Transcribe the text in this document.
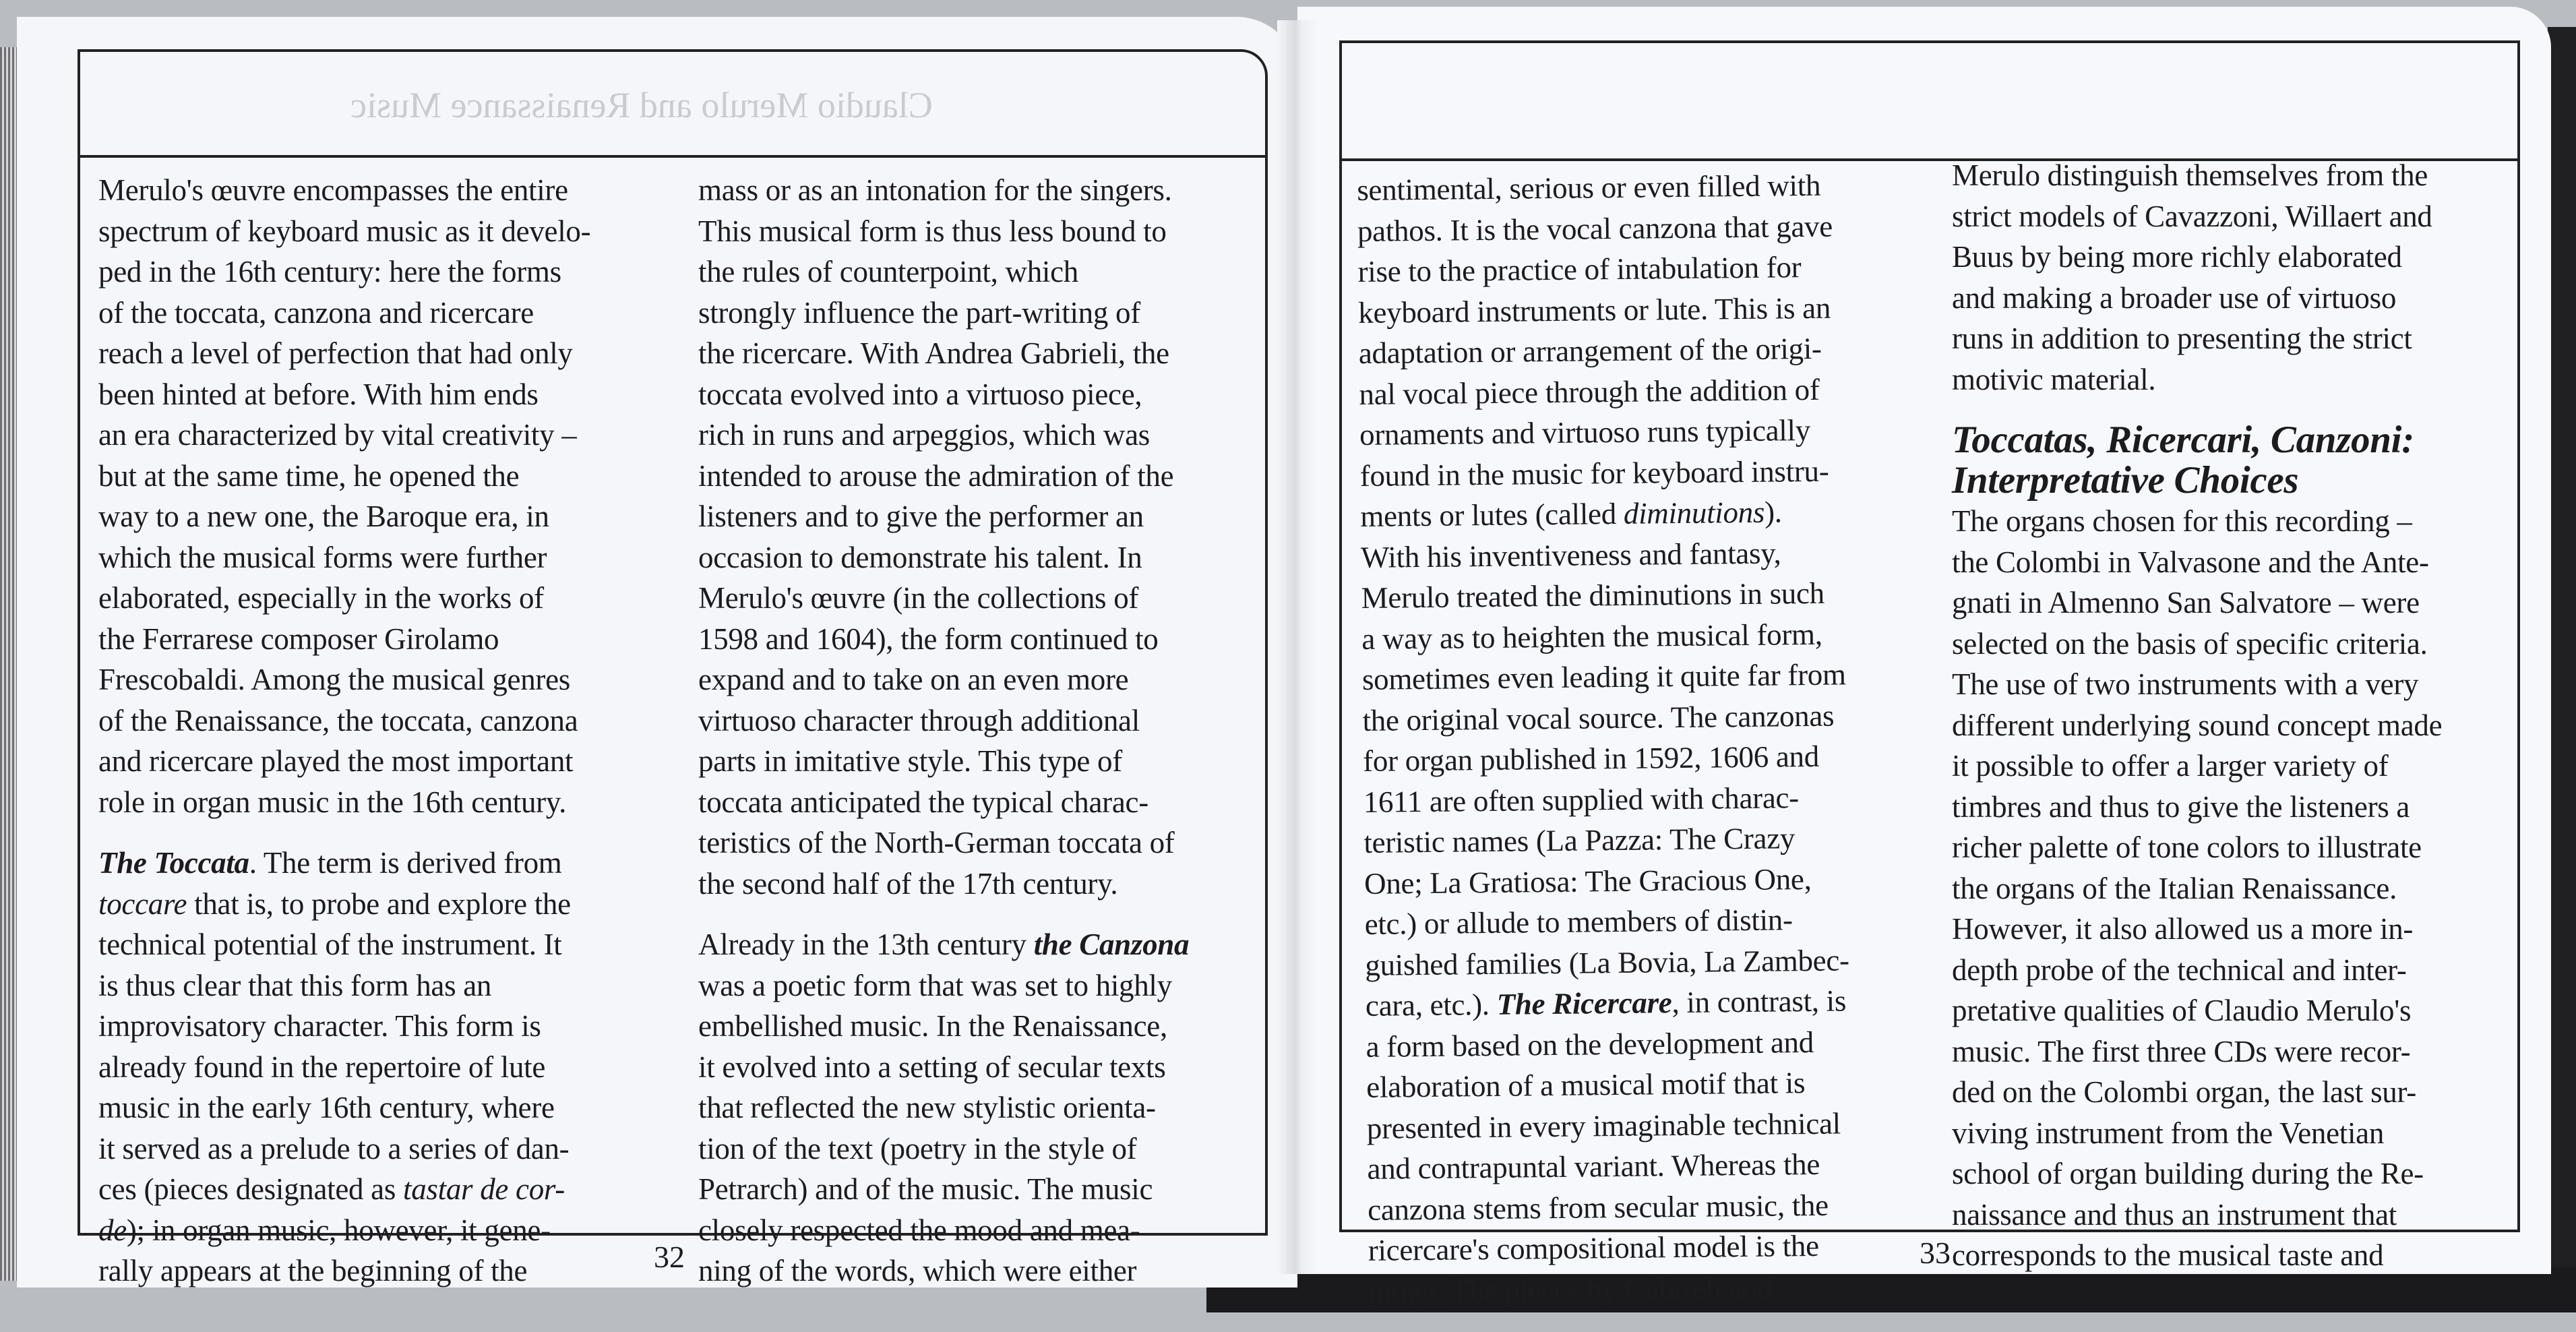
Claudio Merulo and Renaissance Music
Merulo's œuvre encompasses the entire
spectrum of keyboard music as it develo-
ped in the 16th century: here the forms
of the toccata, canzona and ricercare
reach a level of perfection that had only
been hinted at before. With him ends
an era characterized by vital creativity –
but at the same time, he opened the
way to a new one, the Baroque era, in
which the musical forms were further
elaborated, especially in the works of
the Ferrarese composer Girolamo
Frescobaldi. Among the musical genres
of the Renaissance, the toccata, canzona
and ricercare played the most important
role in organ music in the 16th century.
The Toccata. The term is derived from
toccare that is, to probe and explore the
technical potential of the instrument. It
is thus clear that this form has an
improvisatory character. This form is
already found in the repertoire of lute
music in the early 16th century, where
it served as a prelude to a series of dan-
ces (pieces designated as tastar de cor-
de); in organ music, however, it gene-
rally appears at the beginning of the
mass or as an intonation for the singers.
This musical form is thus less bound to
the rules of counterpoint, which
strongly influence the part-writing of
the ricercare. With Andrea Gabrieli, the
toccata evolved into a virtuoso piece,
rich in runs and arpeggios, which was
intended to arouse the admiration of the
listeners and to give the performer an
occasion to demonstrate his talent. In
Merulo's œuvre (in the collections of
1598 and 1604), the form continued to
expand and to take on an even more
virtuoso character through additional
parts in imitative style. This type of
toccata anticipated the typical charac-
teristics of the North-German toccata of
the second half of the 17th century.
Already in the 13th century the Canzona
was a poetic form that was set to highly
embellished music. In the Renaissance,
it evolved into a setting of secular texts
that reflected the new stylistic orienta-
tion of the text (poetry in the style of
Petrarch) and of the music. The music
closely respected the mood and mea-
ning of the words, which were either
sentimental, serious or even filled with
pathos. It is the vocal canzona that gave
rise to the practice of intabulation for
keyboard instruments or lute. This is an
adaptation or arrangement of the origi-
nal vocal piece through the addition of
ornaments and virtuoso runs typically
found in the music for keyboard instru-
ments or lutes (called diminutions).
With his inventiveness and fantasy,
Merulo treated the diminutions in such
a way as to heighten the musical form,
sometimes even leading it quite far from
the original vocal source. The canzonas
for organ published in 1592, 1606 and
1611 are often supplied with charac-
teristic names (La Pazza: The Crazy
One; La Gratiosa: The Gracious One,
etc.) or allude to members of distin-
guished families (La Bovia, La Zambec-
cara, etc.). The Ricercare, in contrast, is
a form based on the development and
elaboration of a musical motif that is
presented in every imaginable technical
and contrapuntal variant. Whereas the
canzona stems from secular music, the
ricercare's compositional model is the
motet. The pieces by Gabrieli and
Merulo distinguish themselves from the
strict models of Cavazzoni, Willaert and
Buus by being more richly elaborated
and making a broader use of virtuoso
runs in addition to presenting the strict
motivic material.
Toccatas, Ricercari, Canzoni:
Interpretative Choices
The organs chosen for this recording –
the Colombi in Valvasone and the Ante-
gnati in Almenno San Salvatore – were
selected on the basis of specific criteria.
The use of two instruments with a very
different underlying sound concept made
it possible to offer a larger variety of
timbres and thus to give the listeners a
richer palette of tone colors to illustrate
the organs of the Italian Renaissance.
However, it also allowed us a more in-
depth probe of the technical and inter-
pretative qualities of Claudio Merulo's
music. The first three CDs were recor-
ded on the Colombi organ, the last sur-
viving instrument from the Venetian
school of organ building during the Re-
naissance and thus an instrument that
corresponds to the musical taste and
32	33
